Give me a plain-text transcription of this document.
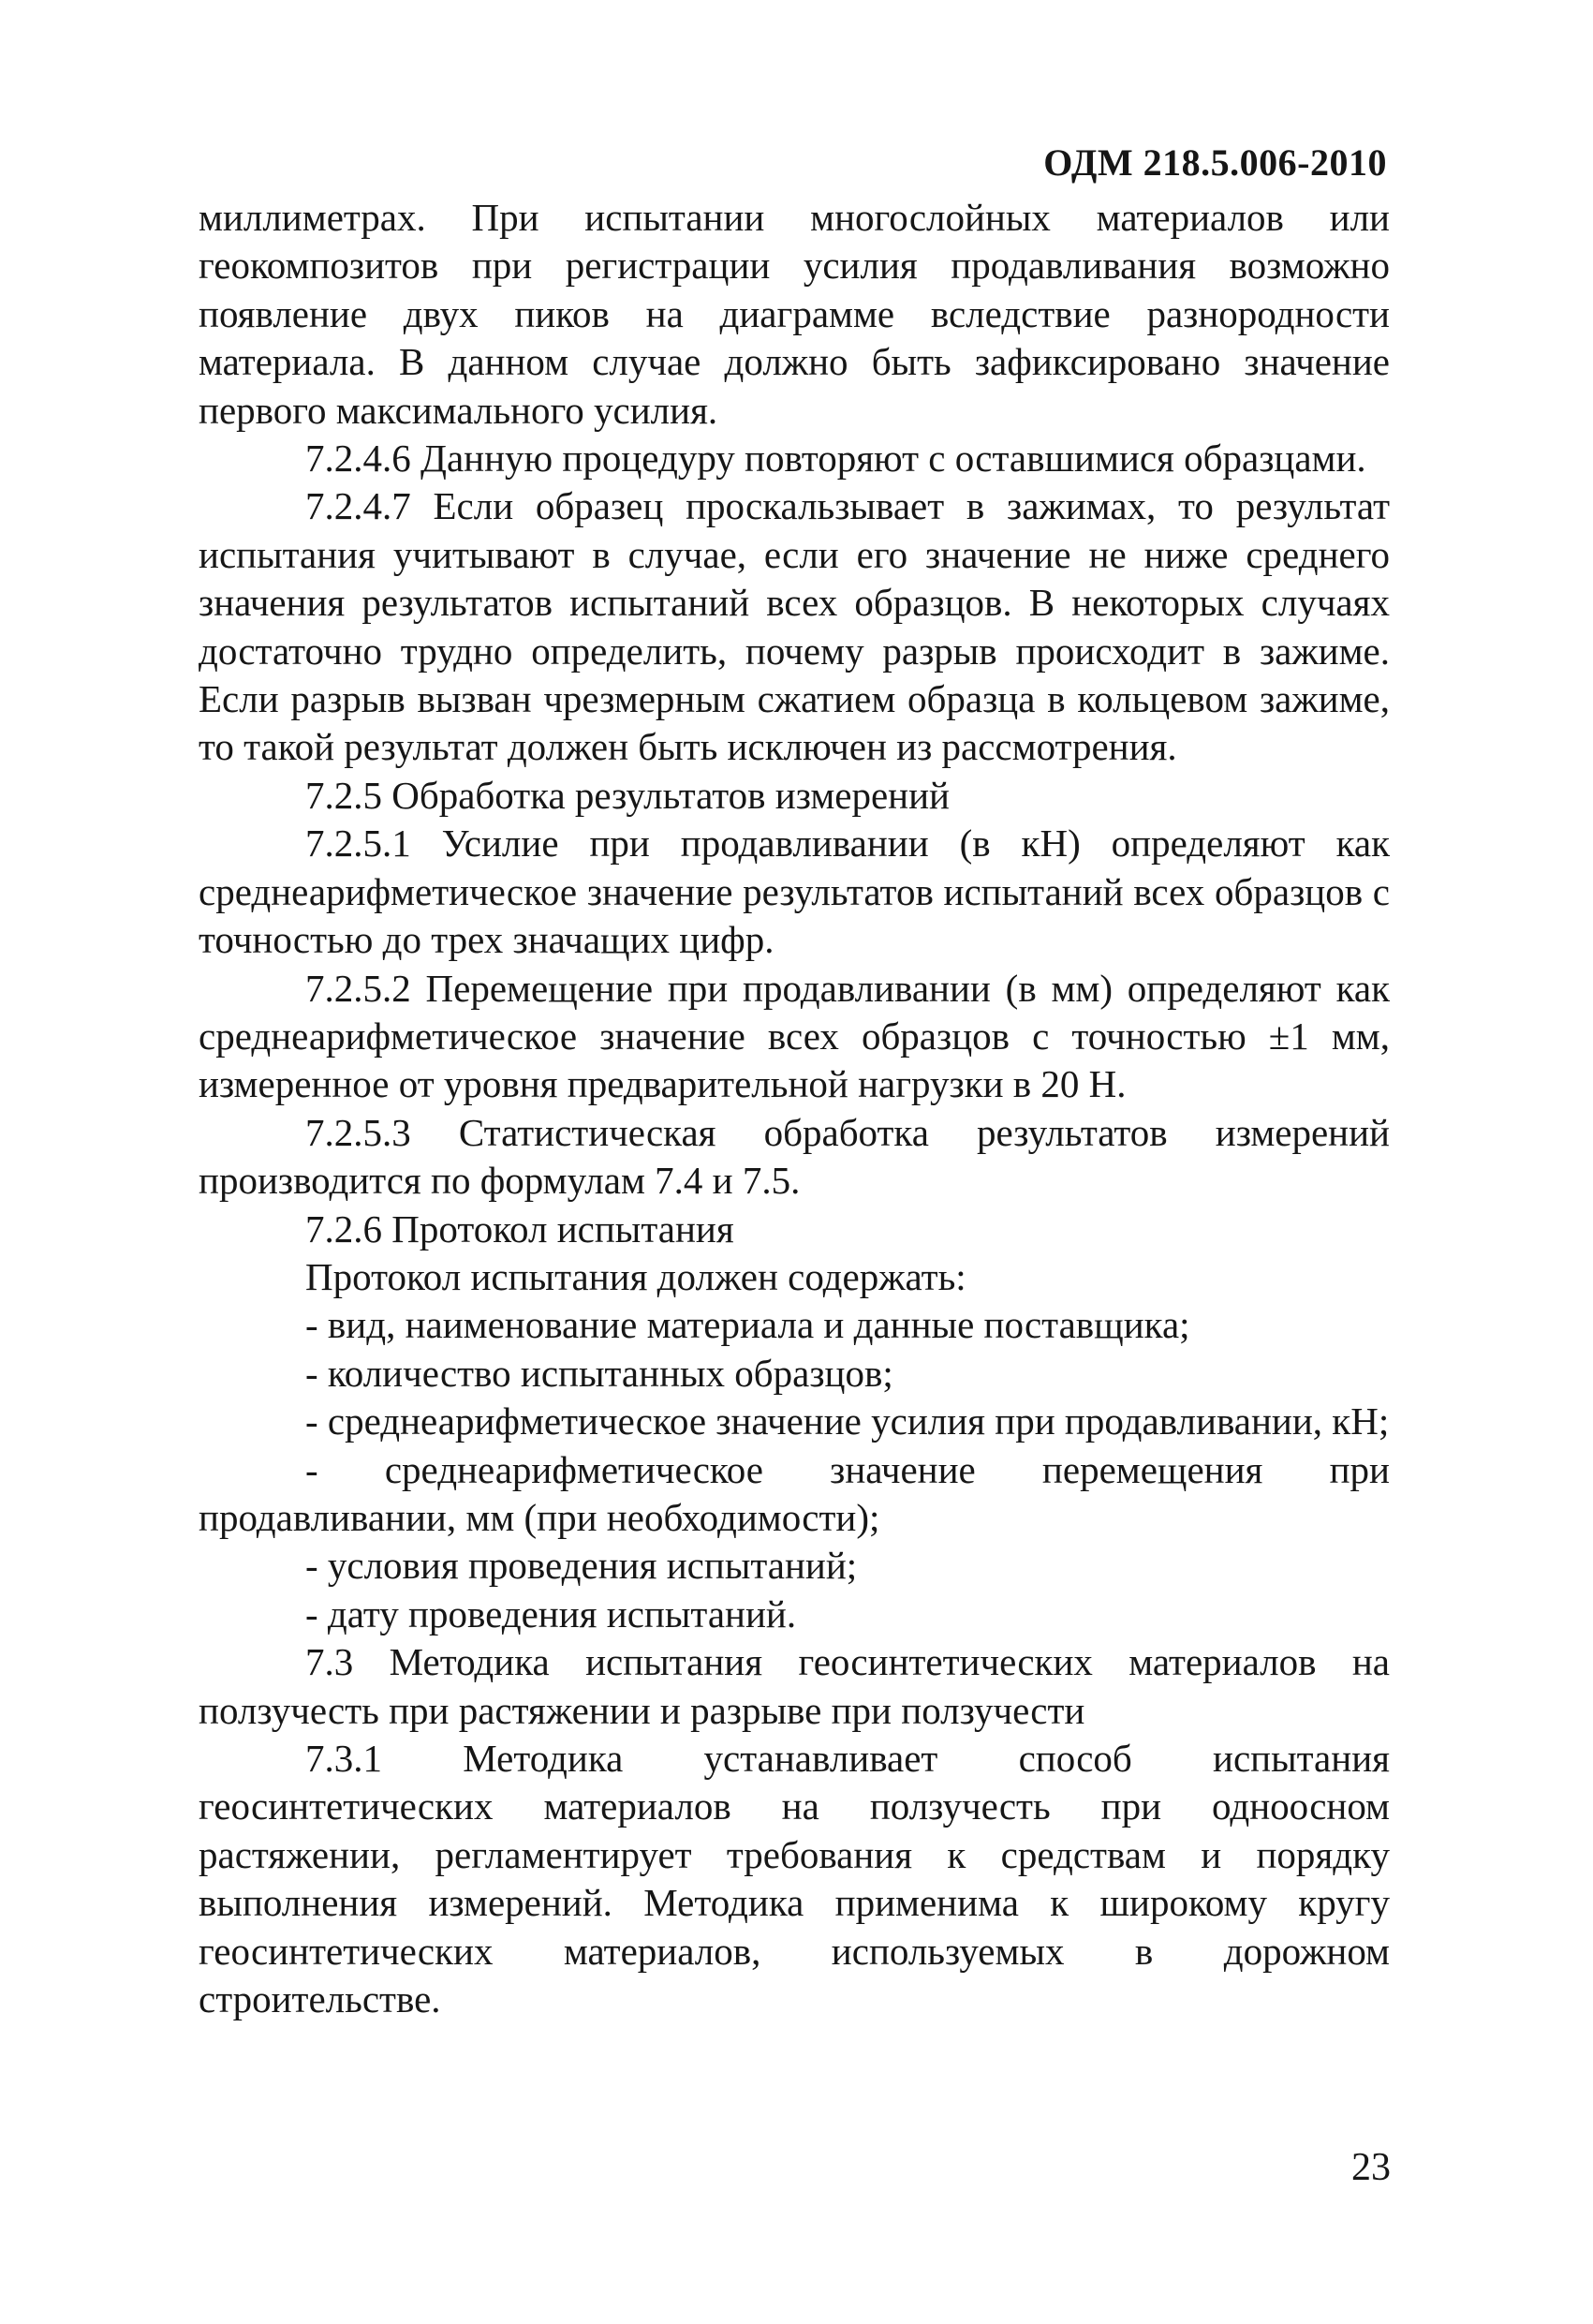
ОДМ 218.5.006-2010

миллиметрах. При испытании многослойных материалов или геокомпозитов при регистрации усилия продавливания возможно появление двух пиков на диаграмме вследствие разнородности материала. В данном случае должно быть зафиксировано значение первого максимального усилия.

7.2.4.6 Данную процедуру повторяют с оставшимися образцами.

7.2.4.7 Если образец проскальзывает в зажимах, то результат испытания учитывают в случае, если его значение не ниже среднего значения результатов испытаний всех образцов. В некоторых случаях достаточно трудно определить, почему разрыв происходит в зажиме. Если разрыв вызван чрезмерным сжатием образца в кольцевом зажиме, то такой результат должен быть исключен из рассмотрения.

7.2.5 Обработка результатов измерений

7.2.5.1 Усилие при продавливании (в кН) определяют как среднеарифметическое значение результатов испытаний всех образцов с точностью до трех значащих цифр.

7.2.5.2 Перемещение при продавливании (в мм) определяют как среднеарифметическое значение всех образцов с точностью ±1 мм, измеренное от уровня предварительной нагрузки в 20 Н.

7.2.5.3 Статистическая обработка результатов измерений производится по формулам 7.4 и 7.5.

7.2.6 Протокол испытания

Протокол испытания должен содержать:

- вид, наименование материала и данные поставщика;

- количество испытанных образцов;

- среднеарифметическое значение усилия при продавливании, кН;

- среднеарифметическое значение перемещения при продавливании, мм (при необходимости);

- условия проведения испытаний;

- дату проведения испытаний.

7.3 Методика испытания геосинтетических материалов на ползучесть при растяжении и разрыве при ползучести

7.3.1 Методика устанавливает способ испытания геосинтетических материалов на ползучесть при одноосном растяжении, регламентирует требования к средствам и порядку выполнения измерений. Методика применима к широкому кругу геосинтетических материалов, используемых в дорожном строительстве.

23
